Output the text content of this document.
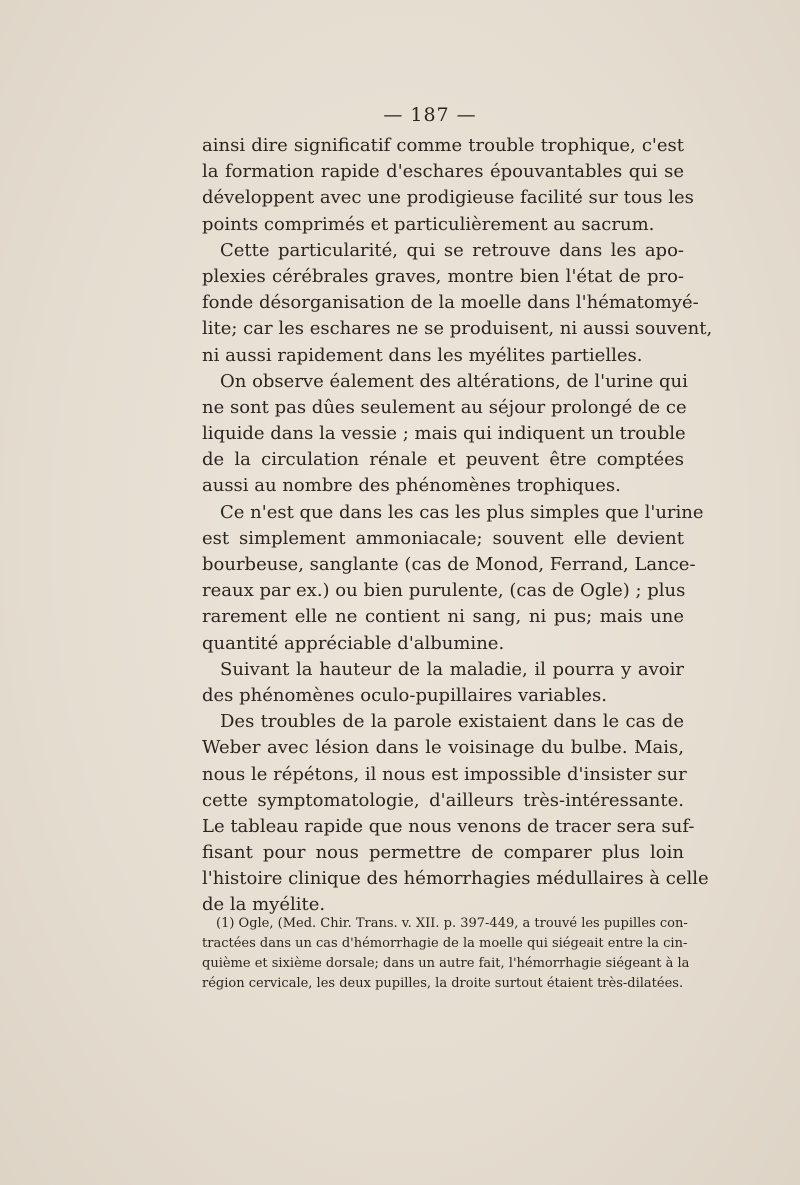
— 187 —
ainsi dire significatif comme trouble trophique, c'est
la formation rapide d'eschares épouvantables qui se
développent avec une prodigieuse facilité sur tous les
points comprimés et particulièrement au sacrum.
Cette particularité, qui se retrouve dans les apo-
plexies cérébrales graves, montre bien l'état de pro-
fonde désorganisation de la moelle dans l'hématomyé-
lite; car les eschares ne se produisent, ni aussi souvent,
ni aussi rapidement dans les myélites partielles.
On observe éalement des altérations, de l'urine qui
ne sont pas dûes seulement au séjour prolongé de ce
liquide dans la vessie ; mais qui indiquent un trouble
de la circulation rénale et peuvent être comptées
aussi au nombre des phénomènes trophiques.
Ce n'est que dans les cas les plus simples que l'urine
est simplement ammoniacale; souvent elle devient
bourbeuse, sanglante (cas de Monod, Ferrand, Lance-
reaux par ex.) ou bien purulente, (cas de Ogle) ; plus
rarement elle ne contient ni sang, ni pus; mais une
quantité appréciable d'albumine.
Suivant la hauteur de la maladie, il pourra y avoir
des phénomènes oculo-pupillaires variables.
Des troubles de la parole existaient dans le cas de
Weber avec lésion dans le voisinage du bulbe. Mais,
nous le répétons, il nous est impossible d'insister sur
cette symptomatologie, d'ailleurs très-intéressante.
Le tableau rapide que nous venons de tracer sera suf-
fisant pour nous permettre de comparer plus loin
l'histoire clinique des hémorrhagies médullaires à celle
de la myélite.
(1) Ogle, (Med. Chir. Trans. v. XII. p. 397-449, a trouvé les pupilles con-
tractées dans un cas d'hémorrhagie de la moelle qui siégeait entre la cin-
quième et sixième dorsale; dans un autre fait, l'hémorrhagie siégeant à la
région cervicale, les deux pupilles, la droite surtout étaient très-dilatées.
